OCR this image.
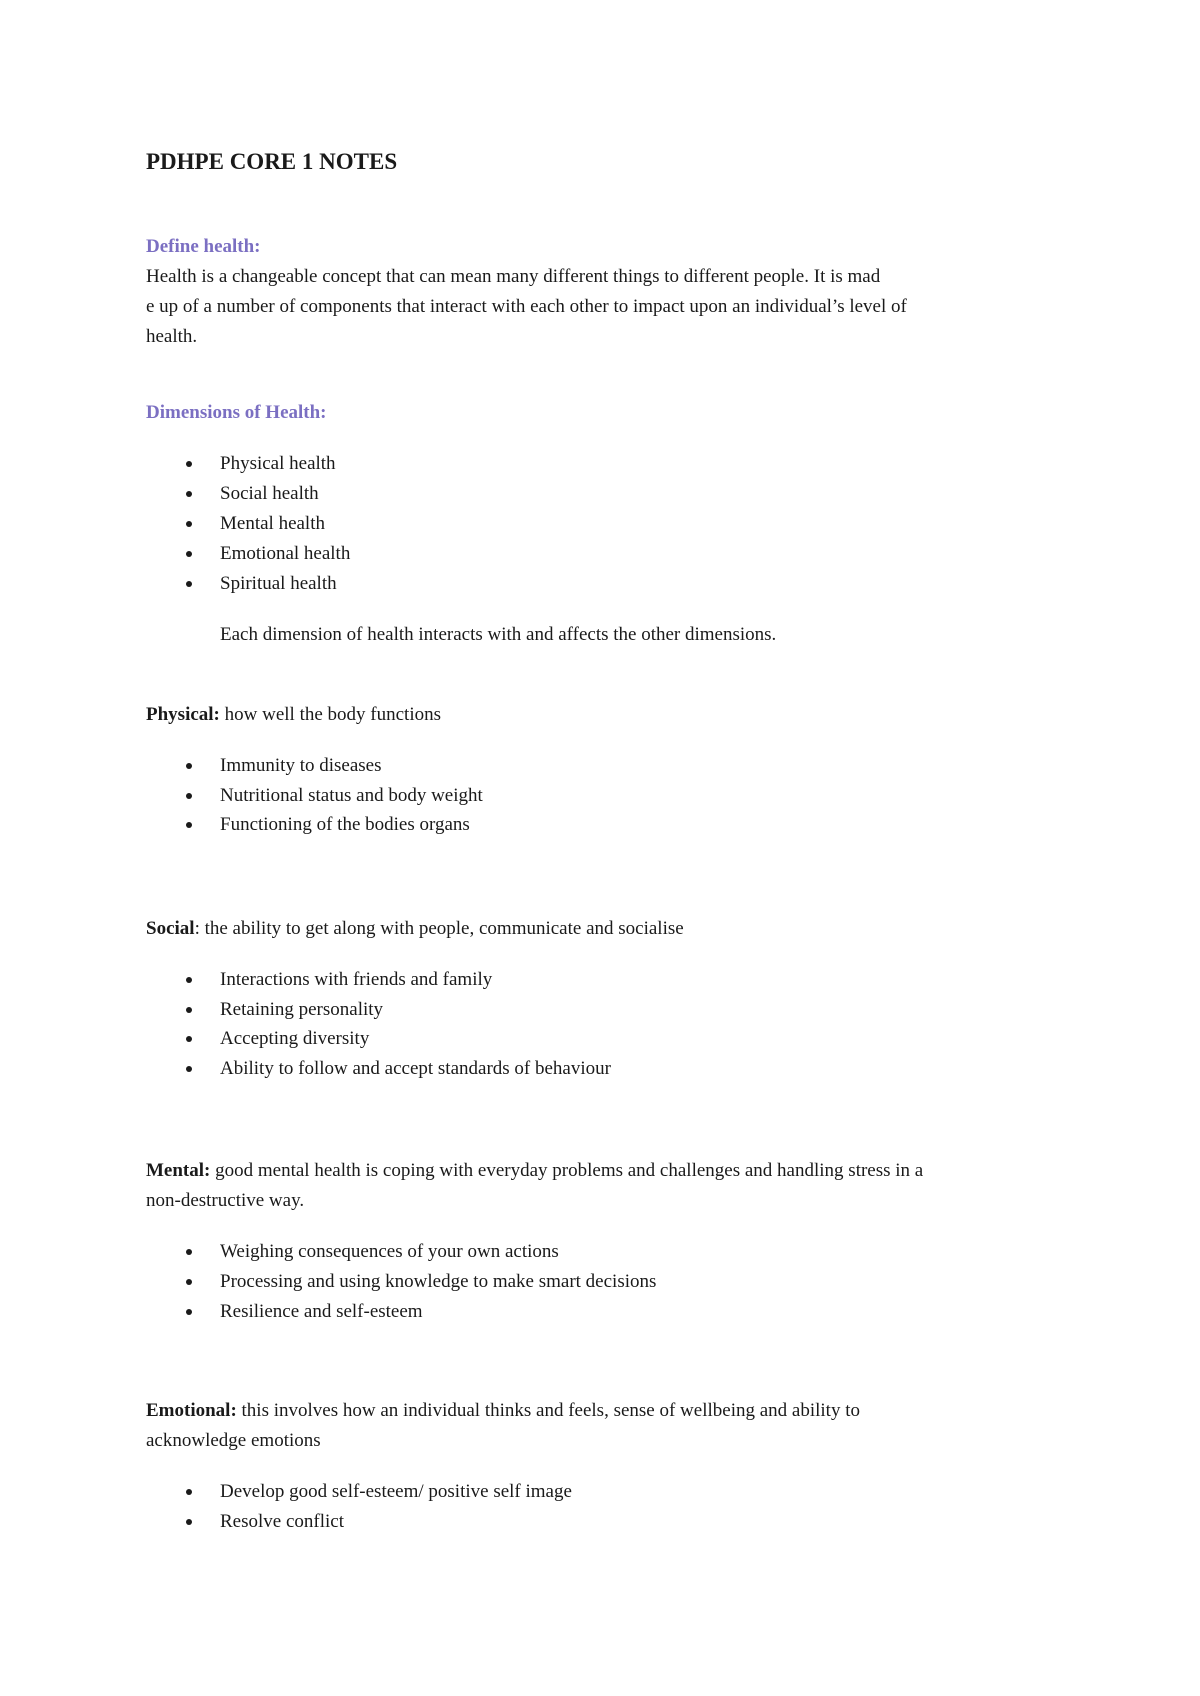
PDHPE CORE 1 NOTES
Define health:
Health is a changeable concept that can mean many different things to different people. It is mad
e up of a number of components that interact with each other to impact upon an individual’s level of
health.
Dimensions of Health:
Physical health
Social health
Mental health
Emotional health
Spiritual health
Each dimension of health interacts with and affects the other dimensions.
Physical: how well the body functions
Immunity to diseases
Nutritional status and body weight
Functioning of the bodies organs
Social: the ability to get along with people, communicate and socialise
Interactions with friends and family
Retaining personality
Accepting diversity
Ability to follow and accept standards of behaviour
Mental: good mental health is coping with everyday problems and challenges and handling stress in a
non-destructive way.
Weighing consequences of your own actions
Processing and using knowledge to make smart decisions
Resilience and self-esteem
Emotional: this involves how an individual thinks and feels, sense of wellbeing and ability to
acknowledge emotions
Develop good self-esteem/ positive self image
Resolve conflict
